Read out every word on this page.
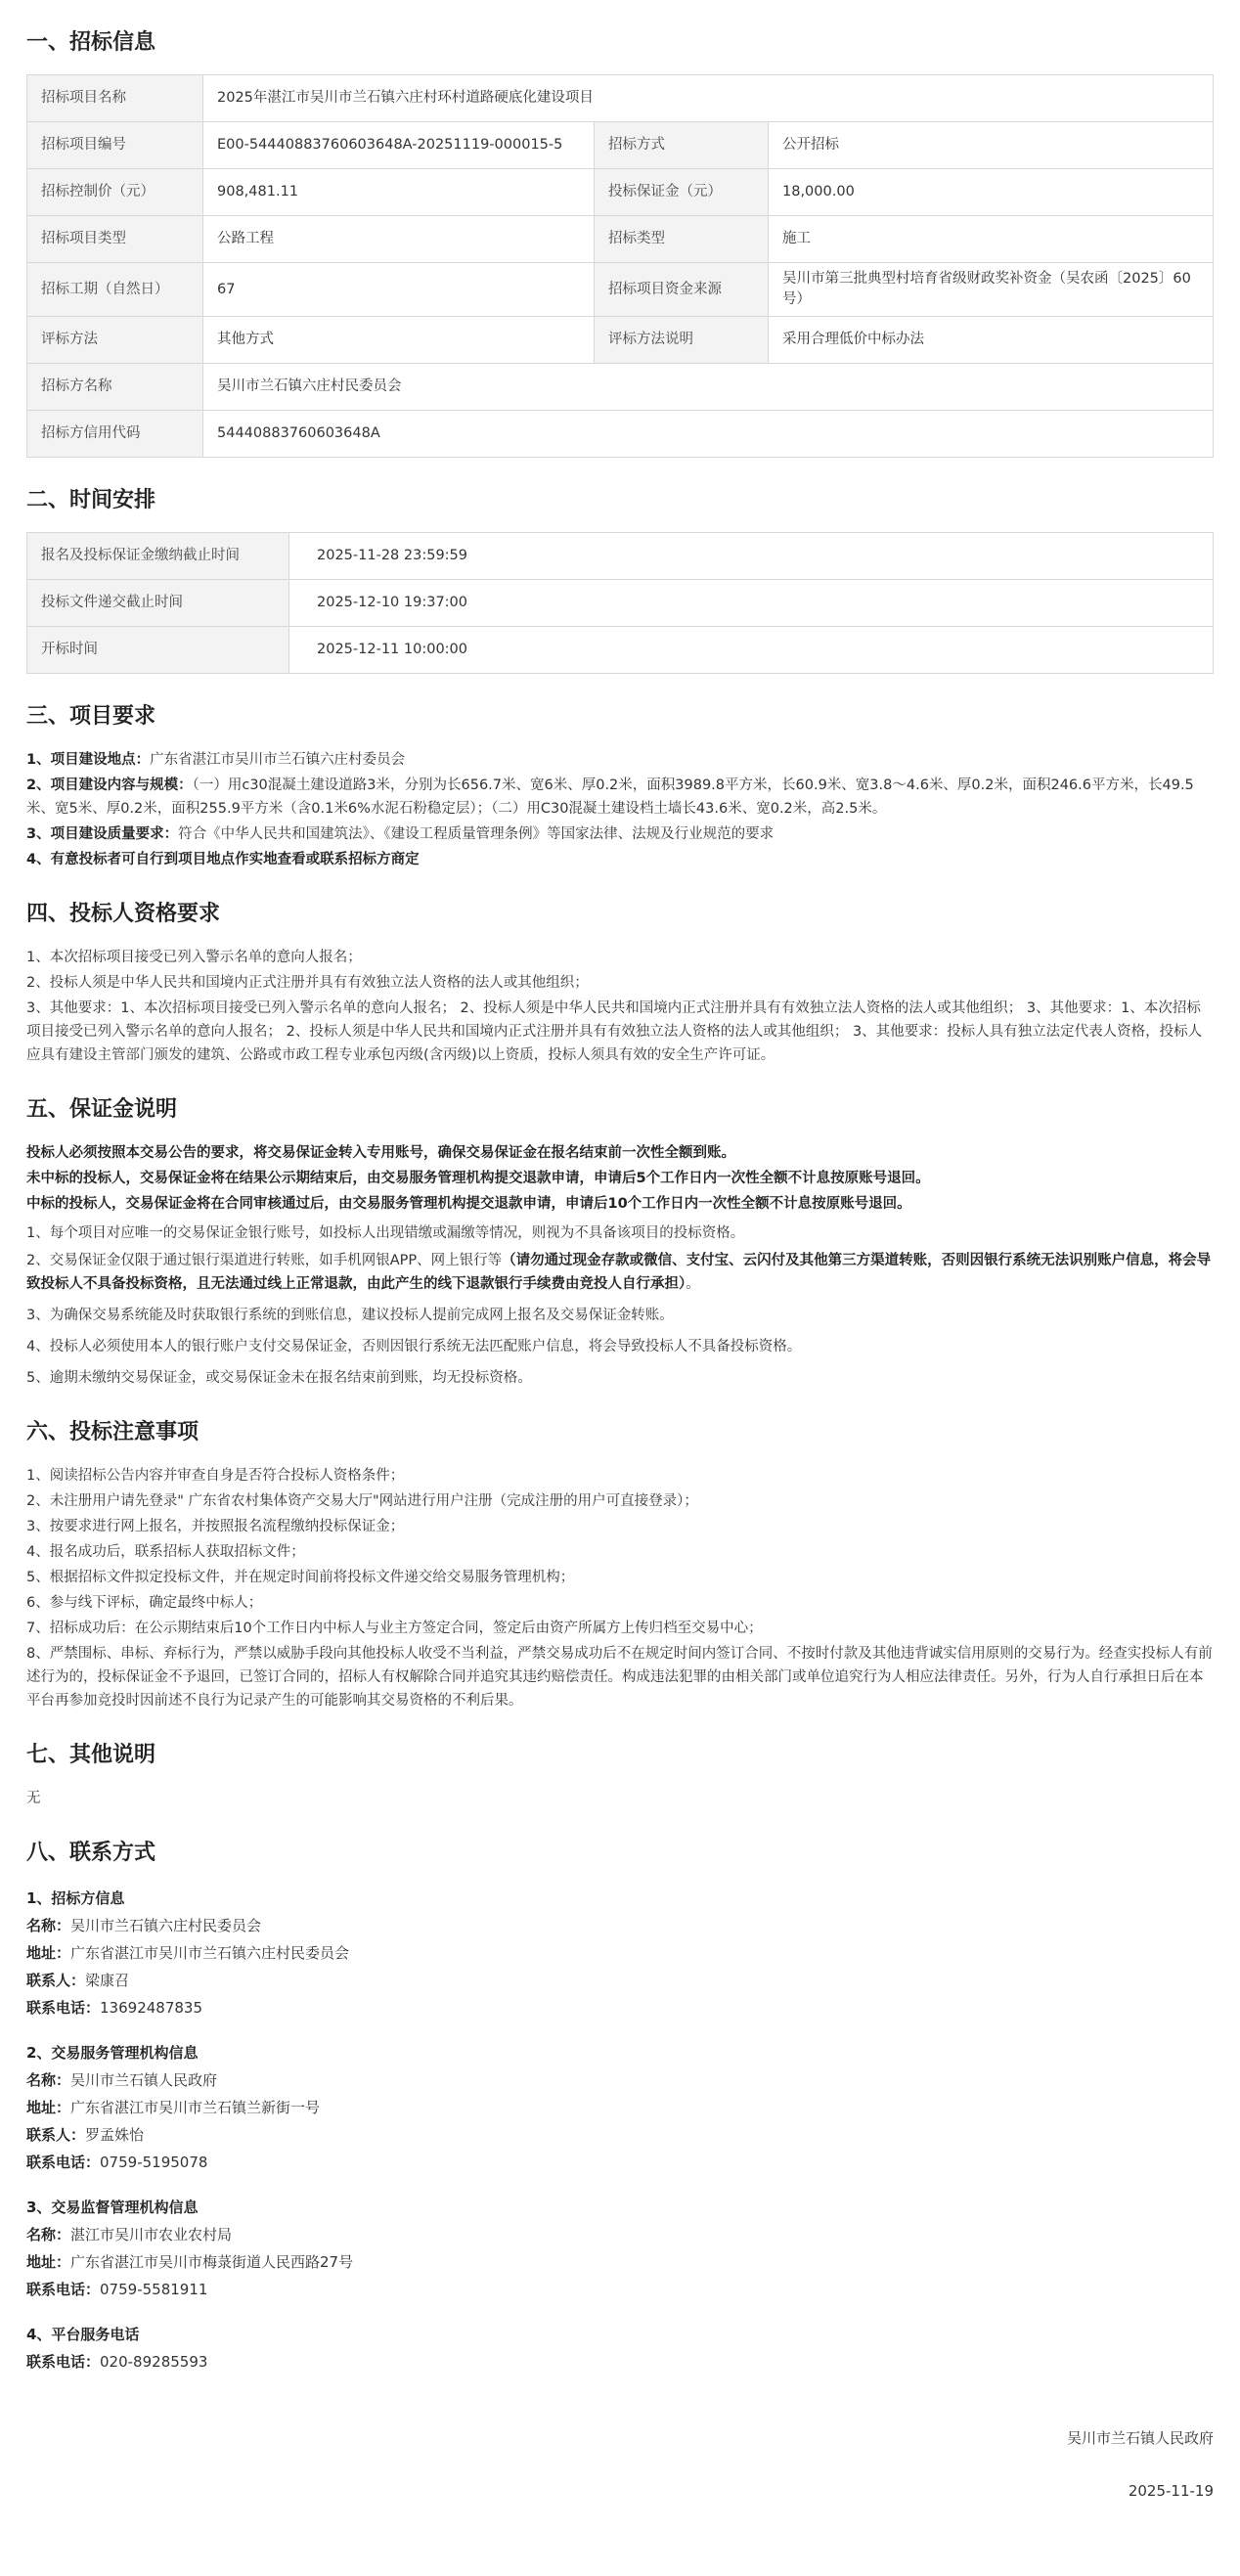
一、招标信息
招标项目名称	2025年湛江市吴川市兰石镇六庄村环村道路硬底化建设项目		
招标项目编号	E00-544408837606036​48A-20251119-000015-5	招标方式	公开招标
招标控制价（元）	908,481.11	投标保证金（元）	18,000.00
招标项目类型	公路工程	招标类型	施工
招标工期（自然日）	67	招标项目资金来源	吴川市第三批典型村培育省级财政奖补资金（吴农函〔2025〕60号）
评标方法	其他方式	评标方法说明	采用合理低价中标办法
招标方名称	吴川市兰石镇六庄村民委员会		
招标方信用代码	54440883760603648A		
二、时间安排
报名及投标保证金缴纳截止时间	2025-11-28 23:59:59
投标文件递交截止时间	2025-12-10 19:37:00
开标时间	2025-12-11 10:00:00
三、项目要求

1、项目建设地点：广东省湛江市吴川市兰石镇六庄村委员会

2、项目建设内容与规模：（一）用c30混凝土建设道路3米，分别为长656.7米、宽6米、厚0.2米，面积3989.8平方米，长60.9米、宽3.8～4.6米、厚0.2米，面积246.6平方米，长49.5米、宽5米、厚0.2米，面积255.9平方米（含0.1米6%水泥石粉稳定层）；（二）用C30混凝土建设档土墙长43.6米、宽0.2米，高2.5米。

3、项目建设质量要求：符合《中华人民共和国建筑法》、《建设工程质量管理条例》等国家法律、法规及行业规范的要求

4、有意投标者可自行到项目地点作实地查看或联系招标方商定

四、投标人资格要求

1、本次招标项目接受已列入警示名单的意向人报名；

2、投标人须是中华人民共和国境内正式注册并具有有效独立法人资格的法人或其他组织；

3、其他要求：1、本次招标项目接受已列入警示名单的意向人报名； 2、投标人须是中华人民共和国境内正式注册并具有有效独立法人资格的法人或其他组织； 3、其他要求：1、本次招标项目接受已列入警示名单的意向人报名； 2、投标人须是中华人民共和国境内正式注册并具有有效独立法人资格的法人或其他组织； 3、其他要求：投标人具有独立法定代表人资格，投标人应具有建设主管部门颁发的建筑、公路或市政工程专业承包丙级(含丙级)以上资质，投标人须具有效的安全生产许可证。

五、保证金说明

投标人必须按照本交易公告的要求，将交易保证金转入专用账号，确保交易保证金在报名结束前一次性全额到账。

未中标的投标人，交易保证金将在结果公示期结束后，由交易服务管理机构提交退款申请，申请后5个工作日内一次性全额不计息按原账号退回。

中标的投标人，交易保证金将在合同审核通过后，由交易服务管理机构提交退款申请，申请后10个工作日内一次性全额不计息按原账号退回。

1、每个项目对应唯一的交易保证金银行账号，如投标人出现错缴或漏缴等情况，则视为不具备该项目的投标资格。

2、交易保证金仅限于通过银行渠道进行转账，如手机网银APP、网上银行等（请勿通过现金存款或微信、支付宝、云闪付及其他第三方渠道转账，否则因银行系统无法识别账户信息，将会导致投标人不具备投标资格，且无法通过线上正常退款，由此产生的线下退款银行手续费由竞投人自行承担）。

3、为确保交易系统能及时获取银行系统的到账信息，建议投标人提前完成网上报名及交易保证金转账。

4、投标人必须使用本人的银行账户支付交易保证金，否则因银行系统无法匹配账户信息，将会导致投标人不具备投标资格。

5、逾期未缴纳交易保证金，或交易保证金未在报名结束前到账，均无投标资格。

六、投标注意事项

1、阅读招标公告内容并审查自身是否符合投标人资格条件；

2、未注册用户请先登录" 广东省农村集体资产交易大厅"网站进行用户注册（完成注册的用户可直接登录）；

3、按要求进行网上报名，并按照报名流程缴纳投标保证金；

4、报名成功后，联系招标人获取招标文件；

5、根据招标文件拟定投标文件，并在规定时间前将投标文件递交给交易服务管理机构；

6、参与线下评标，确定最终中标人；

7、招标成功后：在公示期结束后10个工作日内中标人与业主方签定合同，签定后由资产所属方上传归档至交易中心；

8、严禁围标、串标、弃标行为，严禁以威胁手段向其他投标人收受不当利益，严禁交易成功后不在规定时间内签订合同、不按时付款及其他违背诚实信用原则的交易行为。经查实投标人有前述行为的，投标保证金不予退回，已签订合同的，招标人有权解除合同并追究其违约赔偿责任。构成违法犯罪的由相关部门或单位追究行为人相应法律责任。另外，行为人自行承担日后在本平台再参加竞投时因前述不良行为记录产生的可能影响其交易资格的不利后果。

七、其他说明

无

八、联系方式
1、招标方信息

名称：吴川市兰石镇六庄村民委员会

地址：广东省湛江市吴川市兰石镇六庄村民委员会

联系人：梁康召

联系电话：13692487835

2、交易服务管理机构信息

名称：吴川市兰石镇人民政府

地址：广东省湛江市吴川市兰石镇兰新街一号

联系人：罗孟姝怡

联系电话：0759-5195078

3、交易监督管理机构信息

名称：湛江市吴川市农业农村局

地址：广东省湛江市吴川市梅菉街道人民西路27号

联系电话：0759-5581911

4、平台服务电话

联系电话：020-89285593

吴川市兰石镇人民政府
2025-11-19
